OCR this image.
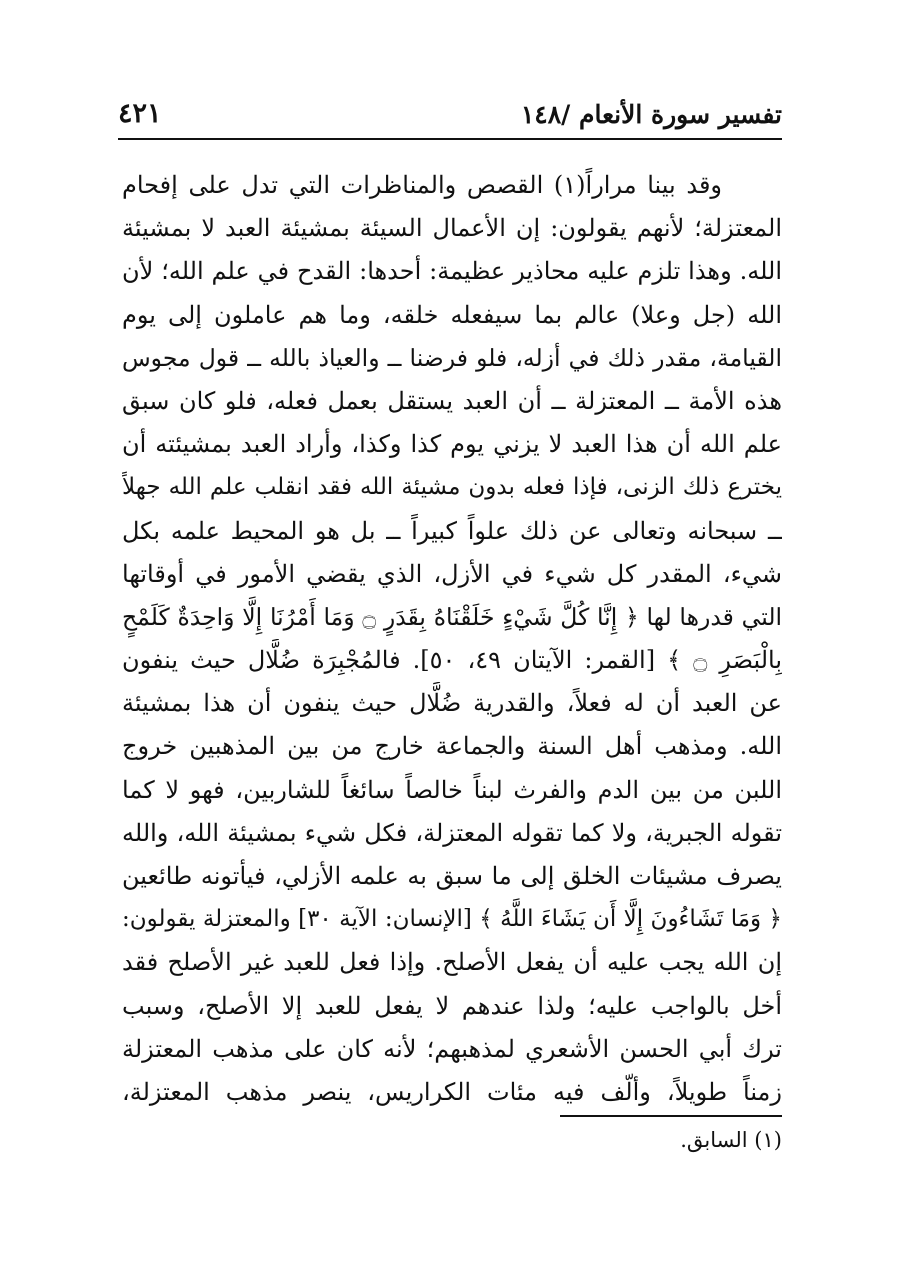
تفسير سورة الأنعام /١٤٨
٤٢١
وقد بينا مراراً(١) القصص والمناظرات التي تدل على إفحام
المعتزلة؛ لأنهم يقولون: إن الأعمال السيئة بمشيئة العبد لا بمشيئة
الله. وهذا تلزم عليه محاذير عظيمة: أحدها: القدح في علم الله؛ لأن
الله (جل وعلا) عالم بما سيفعله خلقه، وما هم عاملون إلى يوم
القيامة، مقدر ذلك في أزله، فلو فرضنا ــ والعياذ بالله ــ قول مجوس
هذه الأمة ــ المعتزلة ــ أن العبد يستقل بعمل فعله، فلو كان سبق
علم الله أن هذا العبد لا يزني يوم كذا وكذا، وأراد العبد بمشيئته أن
يخترع ذلك الزنى، فإذا فعله بدون مشيئة الله فقد انقلب علم الله جهلاً
ــ سبحانه وتعالى عن ذلك علواً كبيراً ــ بل هو المحيط علمه بكل
شيء، المقدر كل شيء في الأزل، الذي يقضي الأمور في أوقاتها
التي قدرها لها ﴿ إِنَّا كُلَّ شَيْءٍ خَلَقْنَاهُ بِقَدَرٍ ۝ وَمَا أَمْرُنَا إِلَّا وَاحِدَةٌ كَلَمْحٍ
بِالْبَصَرِ ۝ ﴾ [القمر: الآيتان ٤٩، ٥٠]. فالمُجْبِرَة ضُلَّال حيث ينفون
عن العبد أن له فعلاً، والقدرية ضُلَّال حيث ينفون أن هذا بمشيئة
الله. ومذهب أهل السنة والجماعة خارج من بين المذهبين خروج
اللبن من بين الدم والفرث لبناً خالصاً سائغاً للشاربين، فهو لا كما
تقوله الجبرية، ولا كما تقوله المعتزلة، فكل شيء بمشيئة الله، والله
يصرف مشيئات الخلق إلى ما سبق به علمه الأزلي، فيأتونه طائعين
﴿ وَمَا تَشَاءُونَ إِلَّا أَن يَشَاءَ اللَّهُ ﴾ [الإنسان: الآية ٣٠] والمعتزلة يقولون:
إن الله يجب عليه أن يفعل الأصلح. وإذا فعل للعبد غير الأصلح فقد
أخل بالواجب عليه؛ ولذا عندهم لا يفعل للعبد إلا الأصلح، وسبب
ترك أبي الحسن الأشعري لمذهبهم؛ لأنه كان على مذهب المعتزلة
زمناً طويلاً، وألّف فيه مئات الكراريس، ينصر مذهب المعتزلة،
(١) السابق.
